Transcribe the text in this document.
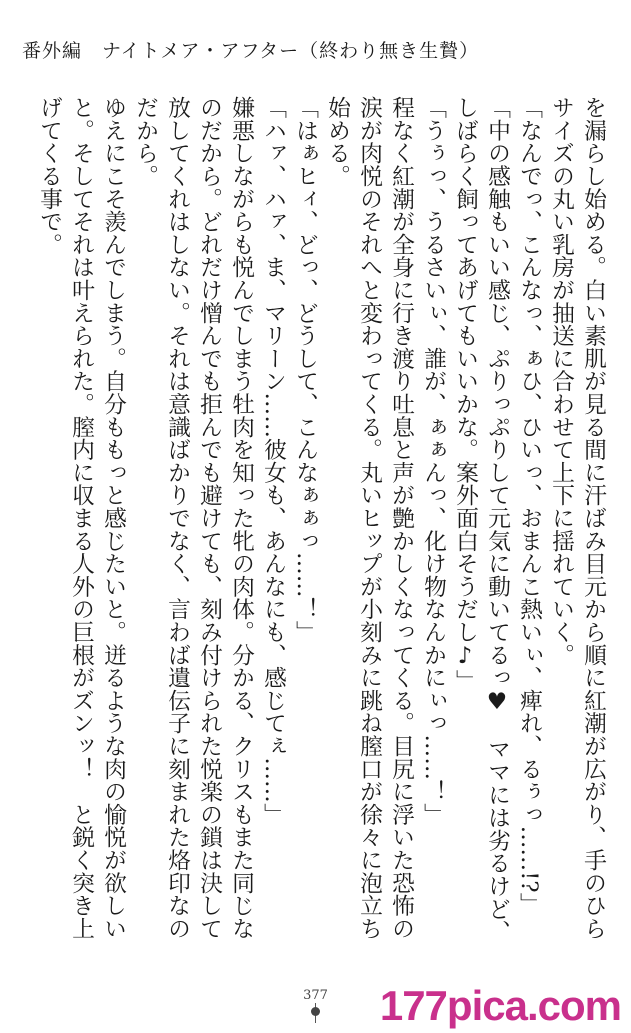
番外編　ナイトメア・アフター（終わり無き生贄）

を漏らし始める。白い素肌が見る間に汗ばみ目元から順に紅潮が広がり、手のひらサイズの丸い乳房が抽送に合わせて上下に揺れていく。

「なんでっ、こんなっ、ぁひ、ひいっ、おまんこ熱いぃ、痺れ、るぅっ……!?」

「中の感触もいい感じ、ぷりっぷりして元気に動いてるっ♥　ママには劣るけど、しばらく飼ってあげてもいいかな。案外面白そうだし♪」

「うぅっ、うるさいぃ、誰が、ぁぁんっ、化け物なんかにぃっ……！」

程なく紅潮が全身に行き渡り吐息と声が艶かしくなってくる。目尻に浮いた恐怖の涙が肉悦のそれへと変わってくる。丸いヒップが小刻みに跳ね膣口が徐々に泡立ち始める。

「はぁヒィ、どっ、どうして、こんなぁぁっ……！」

「ハァ、ハァ、ま、マリーン……彼女も、あんなにも、感じてぇ……」

嫌悪しながらも悦んでしまう牡肉を知った牝の肉体。分かる、クリスもまた同じなのだから。どれだけ憎んでも拒んでも避けても、刻み付けられた悦楽の鎖は決して放してくれはしない。それは意識ばかりでなく、言わば遺伝子に刻まれた烙印なのだから。

ゆえにこそ羨んでしまう。自分ももっと感じたいと。迸るような肉の愉悦が欲しいと。そしてそれは叶えられた。膣内に収まる人外の巨根がズンッ！　と鋭く突き上げてくる事で。

377	177pica.com
